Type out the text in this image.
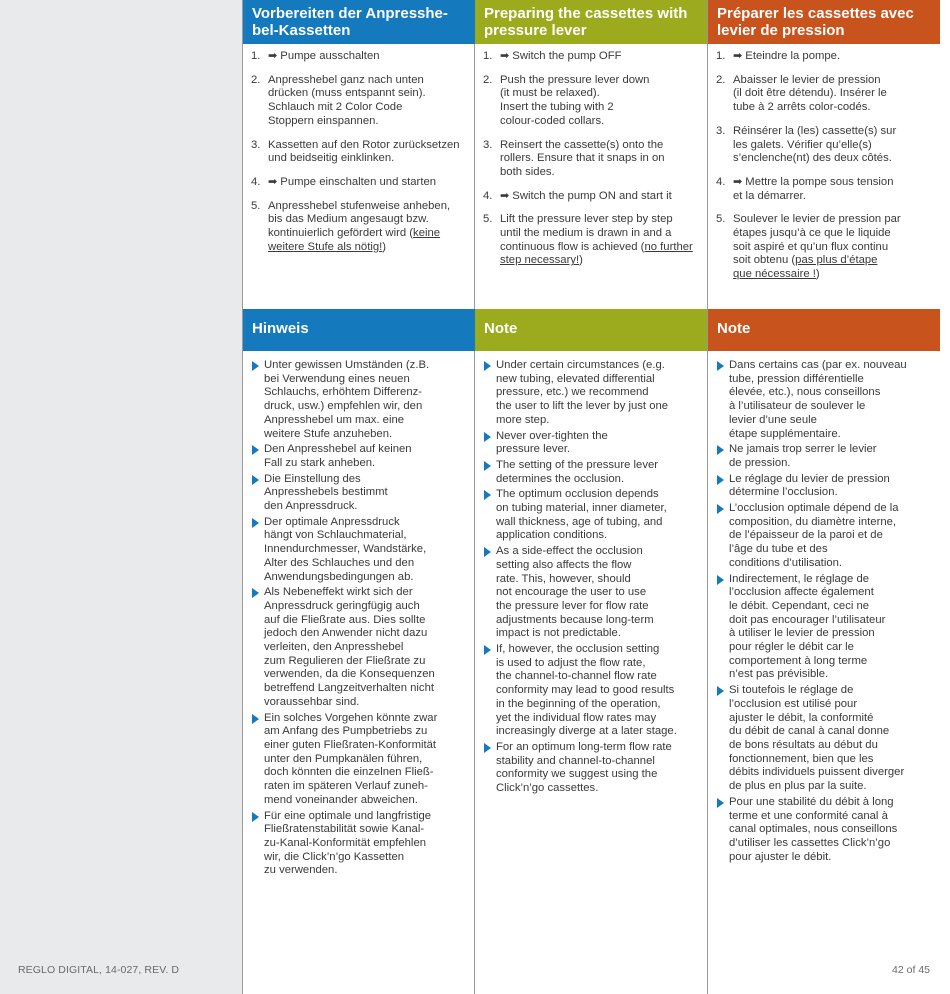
REGLO DIGITAL, 14-027, REV. D	42 of 45
Vorbereiten der Anpresshe-
bel-Kassetten
Preparing the cassettes with
pressure lever
Préparer les cassettes avec
levier de pression
1. ➡ Pumpe ausschalten
2. Anpresshebel ganz nach unten
drücken (muss entspannt sein).
Schlauch mit 2 Color Code
Stoppern einspannen.
3. Kassetten auf den Rotor zurücksetzen
und beidseitig einklinken.
4. ➡ Pumpe einschalten und starten
5. Anpresshebel stufenweise anheben,
bis das Medium angesaugt bzw.
kontinuierlich gefördert wird (keine
weitere Stufe als nötig!)
1. ➡ Switch the pump OFF
2. Push the pressure lever down
(it must be relaxed).
Insert the tubing with 2
colour-coded collars.
3. Reinsert the cassette(s) onto the
rollers. Ensure that it snaps in on
both sides.
4. ➡ Switch the pump ON and start it
5. Lift the pressure lever step by step
until the medium is drawn in and a
continuous flow is achieved (no further
step necessary!)
1. ➡ Eteindre la pompe.
2. Abaisser le levier de pression
(il doit être détendu). Insérer le
tube à 2 arrêts color-codés.
3. Réinsérer la (les) cassette(s) sur
les galets. Vérifier qu’elle(s)
s’enclenche(nt) des deux côtés.
4. ➡ Mettre la pompe sous tension
et la démarrer.
5. Soulever le levier de pression par
étapes jusqu’à ce que le liquide
soit aspiré et qu’un flux continu
soit obtenu (pas plus d’étape
que nécessaire !)
Hinweis	Note	Note
Unter gewissen Umständen (z.B.
bei Verwendung eines neuen
Schlauchs, erhöhtem Differenz-
druck, usw.) empfehlen wir, den
Anpresshebel um max. eine
weitere Stufe anzuheben.
Den Anpresshebel auf keinen
Fall zu stark anheben.
Die Einstellung des
Anpresshebels bestimmt
den Anpressdruck.
Der optimale Anpressdruck
hängt von Schlauchmaterial,
Innendurchmesser, Wandstärke,
Alter des Schlauches und den
Anwendungsbedingungen ab.
Als Nebeneffekt wirkt sich der
Anpressdruck geringfügig auch
auf die Fließrate aus. Dies sollte
jedoch den Anwender nicht dazu
verleiten, den Anpresshebel
zum Regulieren der Fließrate zu
verwenden, da die Konsequenzen
betreffend Langzeitverhalten nicht
voraussehbar sind.
Ein solches Vorgehen könnte zwar
am Anfang des Pumpbetriebs zu
einer guten Fließraten-Konformität
unter den Pumpkanälen führen,
doch könnten die einzelnen Fließ-
raten im späteren Verlauf zuneh-
mend voneinander abweichen.
Für eine optimale und langfristige
Fließratenstabilität sowie Kanal-
zu-Kanal-Konformität empfehlen
wir, die Click’n’go Kassetten
zu verwenden.
Under certain circumstances (e.g.
new tubing, elevated differential
pressure, etc.) we recommend
the user to lift the lever by just one
more step.
Never over-tighten the
pressure lever.
The setting of the pressure lever
determines the occlusion.
The optimum occlusion depends
on tubing material, inner diameter,
wall thickness, age of tubing, and
application conditions.
As a side-effect the occlusion
setting also affects the flow
rate. This, however, should
not encourage the user to use
the pressure lever for flow rate
adjustments because long-term
impact is not predictable.
If, however, the occlusion setting
is used to adjust the flow rate,
the channel-to-channel flow rate
conformity may lead to good results
in the beginning of the operation,
yet the individual flow rates may
increasingly diverge at a later stage.
For an optimum long-term flow rate
stability and channel-to-channel
conformity we suggest using the
Click’n’go cassettes.
Dans certains cas (par ex. nouveau
tube, pression différentielle
élevée, etc.), nous conseillons
à l’utilisateur de soulever le
levier d’une seule
étape supplémentaire.
Ne jamais trop serrer le levier
de pression.
Le réglage du levier de pression
détermine l’occlusion.
L’occlusion optimale dépend de la
composition, du diamètre interne,
de l’épaisseur de la paroi et de
l’âge du tube et des
conditions d’utilisation.
Indirectement, le réglage de
l’occlusion affecte également
le débit. Cependant, ceci ne
doit pas encourager l’utilisateur
à utiliser le levier de pression
pour régler le débit car le
comportement à long terme
n’est pas prévisible.
Si toutefois le réglage de
l’occlusion est utilisé pour
ajuster le débit, la conformité
du débit de canal à canal donne
de bons résultats au début du
fonctionnement, bien que les
débits individuels puissent diverger
de plus en plus par la suite.
Pour une stabilité du débit à long
terme et une conformité canal à
canal optimales, nous conseillons
d’utiliser les cassettes Click’n’go
pour ajuster le débit.
